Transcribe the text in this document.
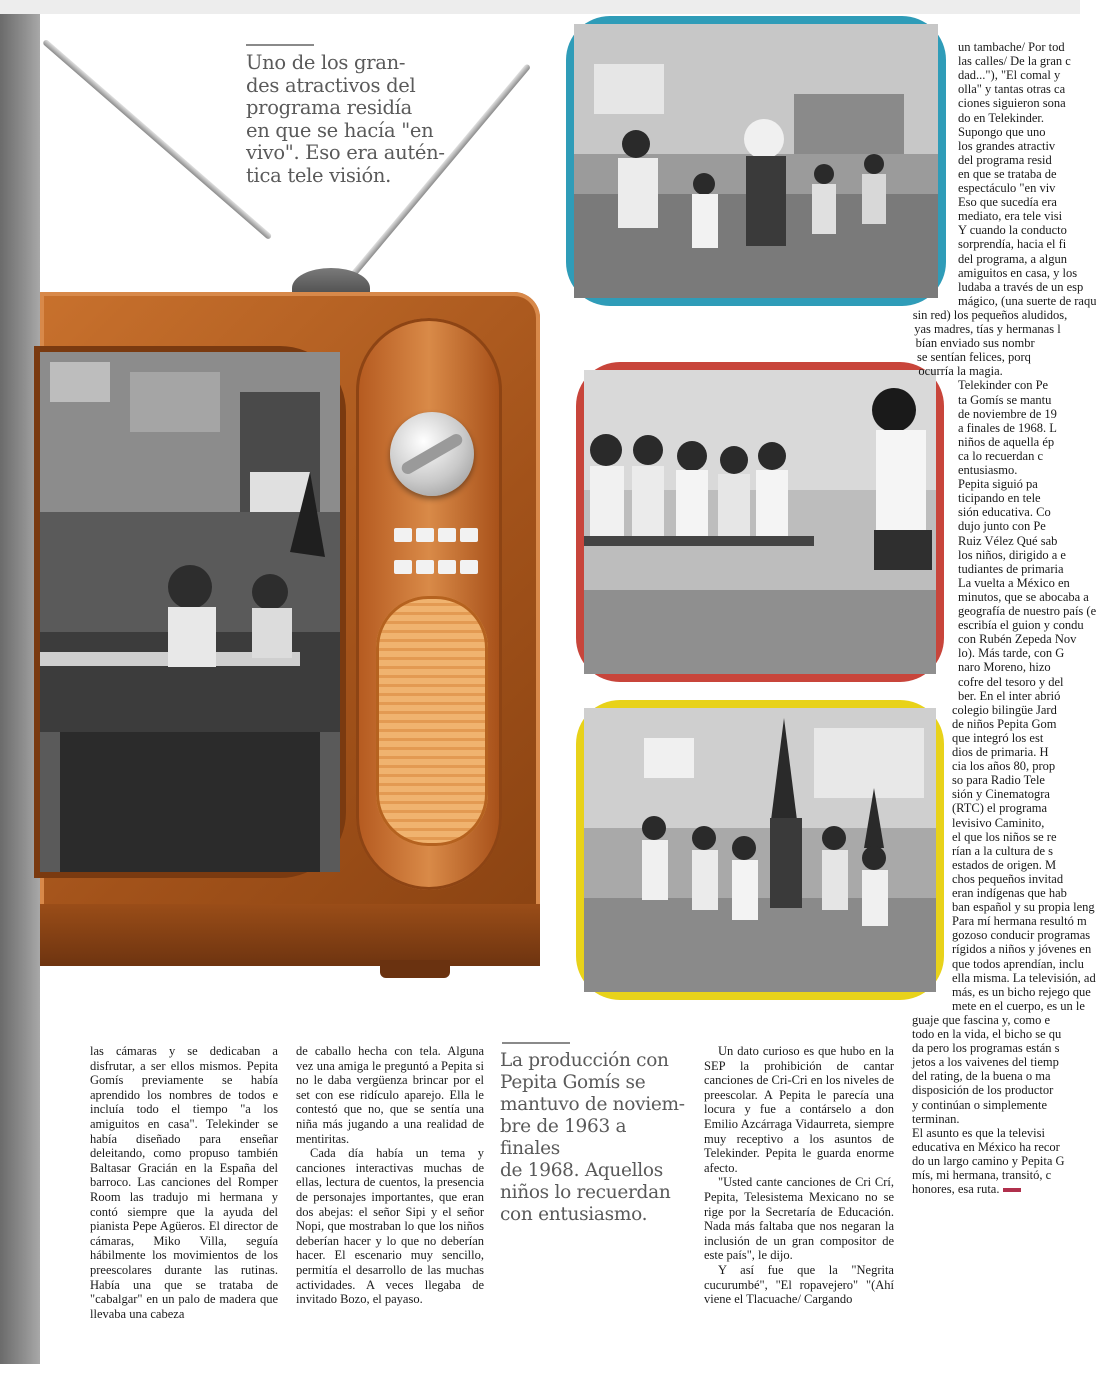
Uno de los gran-
des atractivos del
programa residía
en que se hacía "en
vivo". Eso era autén-
tica tele visión.
un tambache/ Por tod
las calles/ De la gran c
dad..."), "El comal y
olla" y tantas otras ca
ciones siguieron sona
do en Telekinder.
Supongo que uno
los grandes atractiv
del programa resid
en que se trataba de
espectáculo "en viv
Eso que sucedía era
mediato, era tele visi
Y cuando la conducto
sorprendía, hacia el fi
del programa, a algun
amiguitos en casa, y los
ludaba a través de un esp
mágico, (una suerte de raqu
sin red) los pequeños aludidos,
yas madres, tías y hermanas l
bían enviado sus nombr
se sentían felices, porq
ocurría la magia.
Telekinder con Pe
ta Gomís se mantu
de noviembre de 19
a finales de 1968. L
niños de aquella ép
ca lo recuerdan c
entusiasmo.
Pepita siguió pa
ticipando en tele
sión educativa. Co
dujo junto con Pe
Ruiz Vélez Qué sab
los niños, dirigido a e
tudiantes de primaria
La vuelta a México en
minutos, que se abocaba a
geografía de nuestro país (e
escribía el guion y condu
con Rubén Zepeda Nov
lo). Más tarde, con G
naro Moreno, hizo
cofre del tesoro y del
ber. En el inter abrió
colegio bilingüe Jard
de niños Pepita Gom
que integró los est
dios de primaria. H
cia los años 80, prop
so para Radio Tele
sión y Cinematogra
(RTC) el programa
levisivo Caminito,
el que los niños se re
rían a la cultura de s
estados de origen. M
chos pequeños invitad
eran indígenas que hab
ban español y su propia leng
Para mí hermana resultó m
gozoso conducir programas
rígidos a niños y jóvenes en
que todos aprendían, inclu
ella misma. La televisión, ad
más, es un bicho rejego que
mete en el cuerpo, es un le
guaje que fascina y, como e
todo en la vida, el bicho se qu
da pero los programas están s
jetos a los vaivenes del tiemp
del rating, de la buena o ma
disposición de los productor
y continúan o simplemente
terminan.
El asunto es que la televisi
educativa en México ha recor
do un largo camino y Pepita G
mís, mi hermana, transitó, c
honores, esa ruta.

las cámaras y se dedicaban a disfrutar, a ser ellos mismos. Pepita Gomís previamente se había aprendido los nombres de todos e incluía todo el tiempo "a los amiguitos en casa". Telekinder se había diseñado para enseñar deleitando, como propuso también Baltasar Gracián en la España del barroco. Las canciones del Romper Room las tradujo mi hermana y contó siempre que la ayuda del pianista Pepe Agüeros. El director de cámaras, Miko Villa, seguía hábilmente los movimientos de los preescolares durante las rutinas. Había una que se trataba de "cabalgar" en un palo de madera que llevaba una cabeza

de caballo hecha con tela. Alguna vez una amiga le preguntó a Pepita si no le daba vergüenza brincar por el set con ese ridículo aparejo. Ella le contestó que no, que se sentía una niña más jugando a una realidad de mentiritas.

Cada día había un tema y canciones interactivas muchas de ellas, lectura de cuentos, la presencia de personajes importantes, que eran dos abejas: el señor Sipi y el señor Nopi, que mostraban lo que los niños deberían hacer y lo que no deberían hacer. El escenario muy sencillo, permitía el desarrollo de las muchas actividades. A veces llegaba de invitado Bozo, el payaso.

La producción con
Pepita Gomís se
mantuvo de noviem-
bre de 1963 a finales
de 1968. Aquellos
niños lo recuerdan
con entusiasmo.

Un dato curioso es que hubo en la SEP la prohibición de cantar canciones de Cri-Cri en los niveles de preescolar. A Pepita le parecía una locura y fue a contárselo a don Emilio Azcárraga Vidaurreta, siempre muy receptivo a los asuntos de Telekinder. Pepita le guarda enorme afecto.

"Usted cante canciones de Cri Crí, Pepita, Telesistema Mexicano no se rige por la Secretaría de Educación. Nada más faltaba que nos negaran la inclusión de un gran compositor de este país", le dijo.

Y así fue que la "Negrita cucurumbé", "El ropavejero" "(Ahí viene el Tlacuache/ Cargando
